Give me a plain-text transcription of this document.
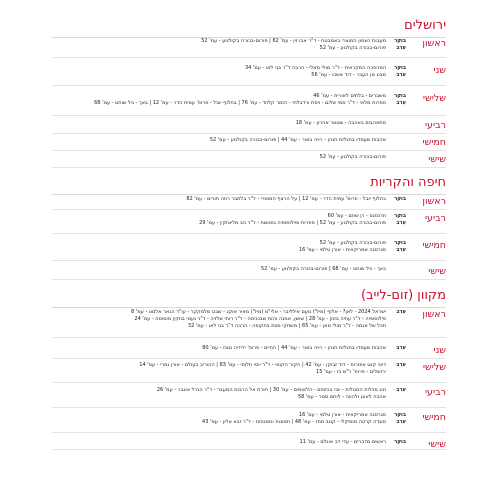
ירושלים
ראשון
בוקר
מעבות הצפון המוצרי באמבטח - ד"ר אבו זין - עמ' 62 | פורום-בכורה בקולנוע - עמ' 52
ערב
פורום-בכורה בקולנוע - עמ' 52
שני
בוקר
המהפכה המקראית - ד"ר מולי מאלי - הרבה ד"ר בני לאו - עמ' 34
ערב
מבט מן העבר - דוד אשכו - עמ' 56
שלישי
בוקר
משברים - בלתים לאורית - עמ' 46
ערב
ספרות מלאי - ד"ר סמי שלום - ויסת ורדבלתי - הזמר קלזוד - עמ' 76 | בחלוף יובל - פרופ' עמית הדר - עמ' 12 | באך - גיל שוחט - עמ' 68
רביעי
מתאהבים באהבה - שטטר אהרון - עמ' 18
חמישי
אהבות שעסדו בחגלות חנהן - רויה בואר - עמ' 44 | פורום-בכורה בקולנוע - עמ' 52
שישי
פורום-בכורה בקולנוע - עמ' 52
חיפה והקריות
ראשון
בוקר
בחלוף יובל - פרופ' עמית הדר - עמ' 12 | על הרצף המוסרי - ד"ר בלתבר רוזה תורים - עמ' 82
רביעי
בוקר
תרנסנס - רן שחם - עמ' 60
ערב
פורום-בכורה בקולנוע - עמ' 52 | ספרות ופילוסופיה נפגשות - ד"ר ניב מליונזקין - עמ' 29
חמישי
בוקר
פורום-בכורה בקולנוע - עמ' 52
ערב
סנרסנה אמריקאית - אורן טלמי - עמ' 16
שישי
באך - גיל שוחט - עמ' 68 | פורום-בכורה בקולנוע - עמ' 52
מקוון (זום-לייב)
ראשון
ערב
ישראל 2024 - לאן? - אלוף (מיל') נועם אילליבר - אלי"מ (מיל') מאיר אוקנ - שבט מלמקקר - עו"ד הגאר אלמט - עמ' 8
פילוסופיה - ד"ר עוזיה בזוזן - עמ' 28 | שושן, אמנה והזת שבכניסה - ד"ר רותי שלזיה - ד"ר נעמי בוזקין מוסוסה - עמ' 24
תכל של אנמה - ד"ר מולי מאן - עמ' 65 | משחקי מוות בתקופה - הרבה ד"ר בני לאו - עמ' 32
שני
ערב
אהבות שעסדו בחגלות חנהן - רויה בואר - עמ' 44 | החיים - פרופ' ידידיה נטנז - עמ' 80
שלישי
ערב
דיוני קנט אפורות - דוד זבוקן - עמ' 42 | הקור הקומי - ד"ר יוסי תלוסי - עמ' 83 | ההוריב בעולם - אורן נמרי - עמ' 14
ירושלים - פרופ' ר"ש כז - עמ' 15
רביעי
ערב
חוג מכלות הסגולית - יובי בכזופם - הלאומים - עמ' 30 | תורת אל הרבות המעבר - ד"ר הגרל אונבר - עמ' 26
אהבה לאוגן ולהווה - לוחם סמר - עמ' 58
חמישי
בוקר
סנרסנה אמריקאית - אורן טלמי - עמ' 16
ערב
מוגדה קרטה מוסיקלי - קנוב מחז - עמ' 48 | תמונות ותמנחות - ד"ר זבא אלון - עמ' 43
שישי
בוקר
ראשים מדברים - עדי דב אונלם - עמ' 11
